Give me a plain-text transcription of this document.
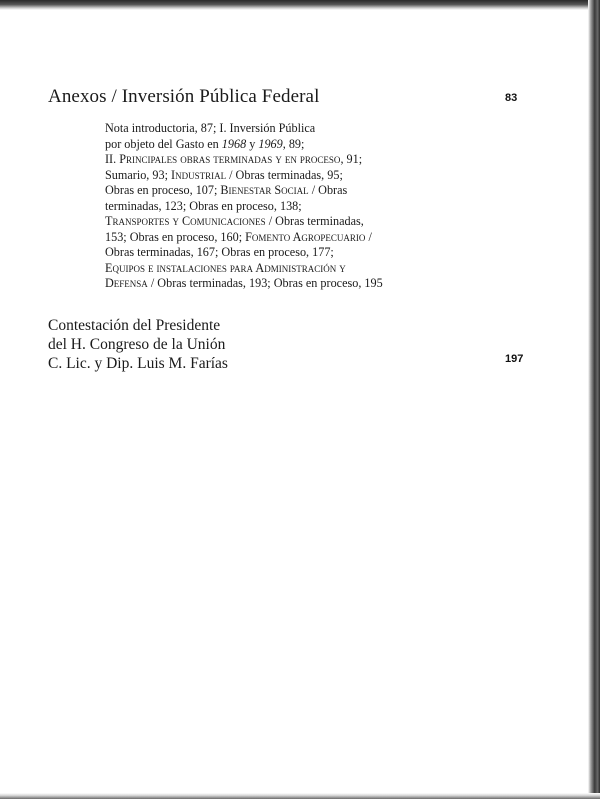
Anexos / Inversión Pública Federal	83
Nota introductoria, 87; I. Inversión Pública
por objeto del Gasto en 1968 y 1969, 89;
II. Principales obras terminadas y en proceso, 91;
Sumario, 93; Industrial / Obras terminadas, 95;
Obras en proceso, 107; Bienestar Social / Obras
terminadas, 123; Obras en proceso, 138;
Transportes y Comunicaciones / Obras terminadas,
153; Obras en proceso, 160; Fomento Agropecuario /
Obras terminadas, 167; Obras en proceso, 177;
Equipos e instalaciones para Administración y
Defensa / Obras terminadas, 193; Obras en proceso, 195
Contestación del Presidente
del H. Congreso de la Unión
C. Lic. y Dip. Luis M. Farías	197
